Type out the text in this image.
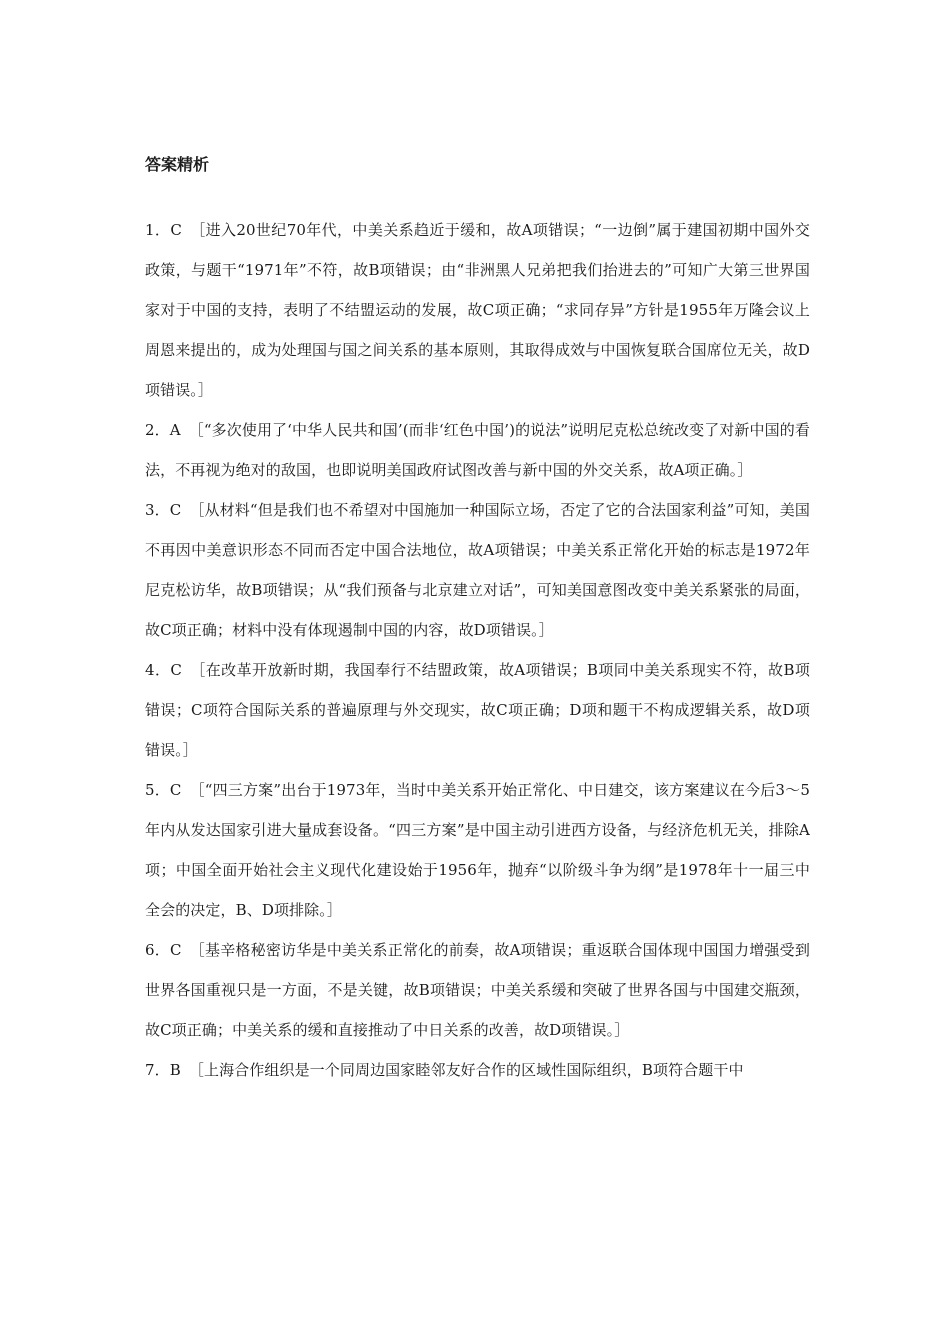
答案精析

1．C ［进入20世纪70年代，中美关系趋近于缓和，故A项错误；“一边倒”属于建国初期中国外交政策，与题干“1971年”不符，故B项错误；由“非洲黑人兄弟把我们抬进去的”可知广大第三世界国家对于中国的支持，表明了不结盟运动的发展，故C项正确；“求同存异”方针是1955年万隆会议上周恩来提出的，成为处理国与国之间关系的基本原则，其取得成效与中国恢复联合国席位无关，故D项错误。］

2．A ［“多次使用了‘中华人民共和国’(而非‘红色中国’)的说法”说明尼克松总统改变了对新中国的看法，不再视为绝对的敌国，也即说明美国政府试图改善与新中国的外交关系，故A项正确。］

3．C ［从材料“但是我们也不希望对中国施加一种国际立场，否定了它的合法国家利益”可知，美国不再因中美意识形态不同而否定中国合法地位，故A项错误；中美关系正常化开始的标志是1972年尼克松访华，故B项错误；从“我们预备与北京建立对话”，可知美国意图改变中美关系紧张的局面，故C项正确；材料中没有体现遏制中国的内容，故D项错误。］

4．C ［在改革开放新时期，我国奉行不结盟政策，故A项错误；B项同中美关系现实不符，故B项错误；C项符合国际关系的普遍原理与外交现实，故C项正确；D项和题干不构成逻辑关系，故D项错误。］

5．C ［“四三方案”出台于1973年，当时中美关系开始正常化、中日建交，该方案建议在今后3～5年内从发达国家引进大量成套设备。“四三方案”是中国主动引进西方设备，与经济危机无关，排除A项；中国全面开始社会主义现代化建设始于1956年，抛弃“以阶级斗争为纲”是1978年十一届三中全会的决定，B、D项排除。］

6．C ［基辛格秘密访华是中美关系正常化的前奏，故A项错误；重返联合国体现中国国力增强受到世界各国重视只是一方面，不是关键，故B项错误；中美关系缓和突破了世界各国与中国建交瓶颈，故C项正确；中美关系的缓和直接推动了中日关系的改善，故D项错误。］

7．B ［上海合作组织是一个同周边国家睦邻友好合作的区域性国际组织，B项符合题干中
